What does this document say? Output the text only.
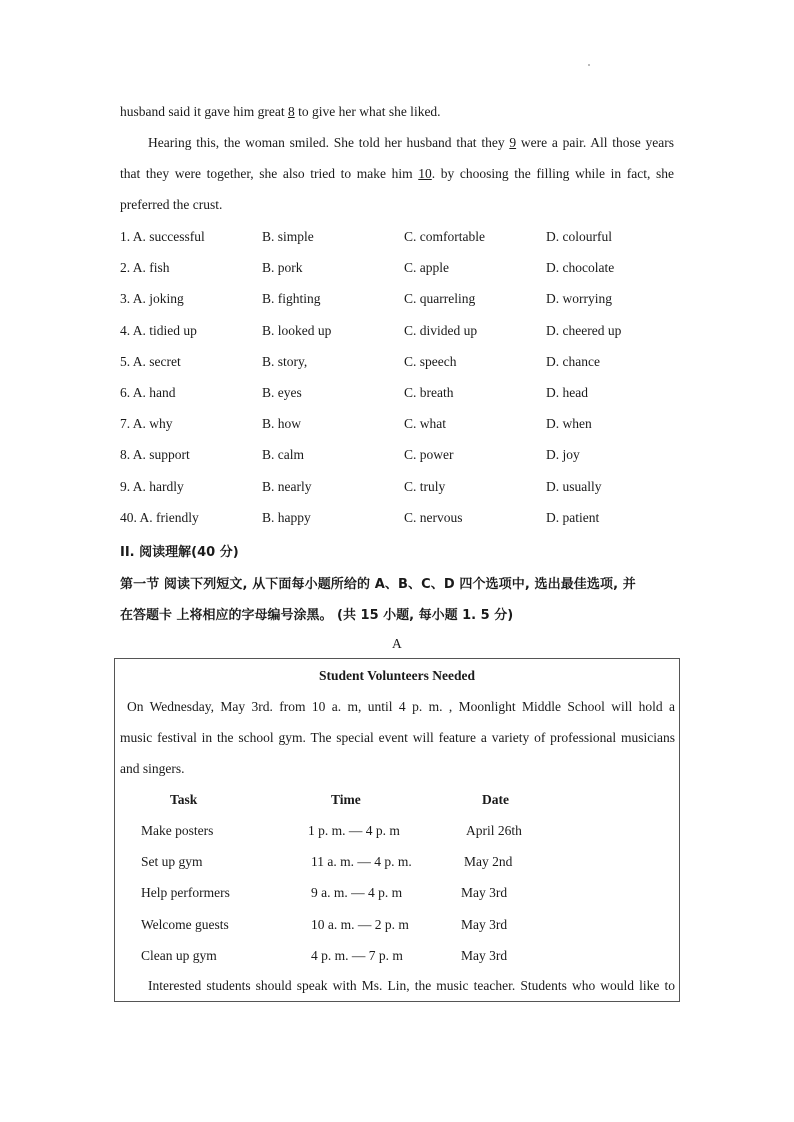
husband said it gave him great 8 to give her what she liked.
Hearing this, the woman smiled. She told her husband that they 9 were a pair. All those years
that they were together, she also tried to make him 10. by choosing the filling while in fact, she
preferred the crust.
1. A. successful	B. simple	C. comfortable	D. colourful
2. A. fish	B. pork	C. apple	D. chocolate
3. A. joking	B. fighting	C. quarreling	D. worrying
4. A. tidied up	B. looked up	C. divided up	D. cheered up
5. A. secret	B. story,	C. speech	D. chance
6. A. hand	B. eyes	C. breath	D. head
7. A. why	B. how	C. what	D. when
8. A. support	B. calm	C. power	D. joy
9. A. hardly	B. nearly	C. truly	D. usually
40. A. friendly	B. happy	C. nervous	D. patient
II. 阅读理解(40 分)
第一节 阅读下列短文, 从下面每小题所给的 A、B、C、D 四个选项中, 选出最佳选项, 并
在答题卡 上将相应的字母编号涂黑。 (共 15 小题, 每小题 1. 5 分)
A
Student Volunteers Needed
On Wednesday, May 3rd. from 10 a. m, until 4 p. m. , Moonlight Middle School will hold a
music festival in the school gym. The special event will feature a variety of professional musicians
and singers.
Task	Time	Date
Make posters	1 p. m. — 4 p. m	April 26th
Set up gym	11 a. m. — 4 p. m.	May 2nd
Help performers	9 a. m. — 4 p. m	May 3rd
Welcome guests	10 a. m. — 2 p. m	May 3rd
Clean up gym	4 p. m. — 7 p. m	May 3rd
Interested students should speak with Ms. Lin, the music teacher. Students who would like to
